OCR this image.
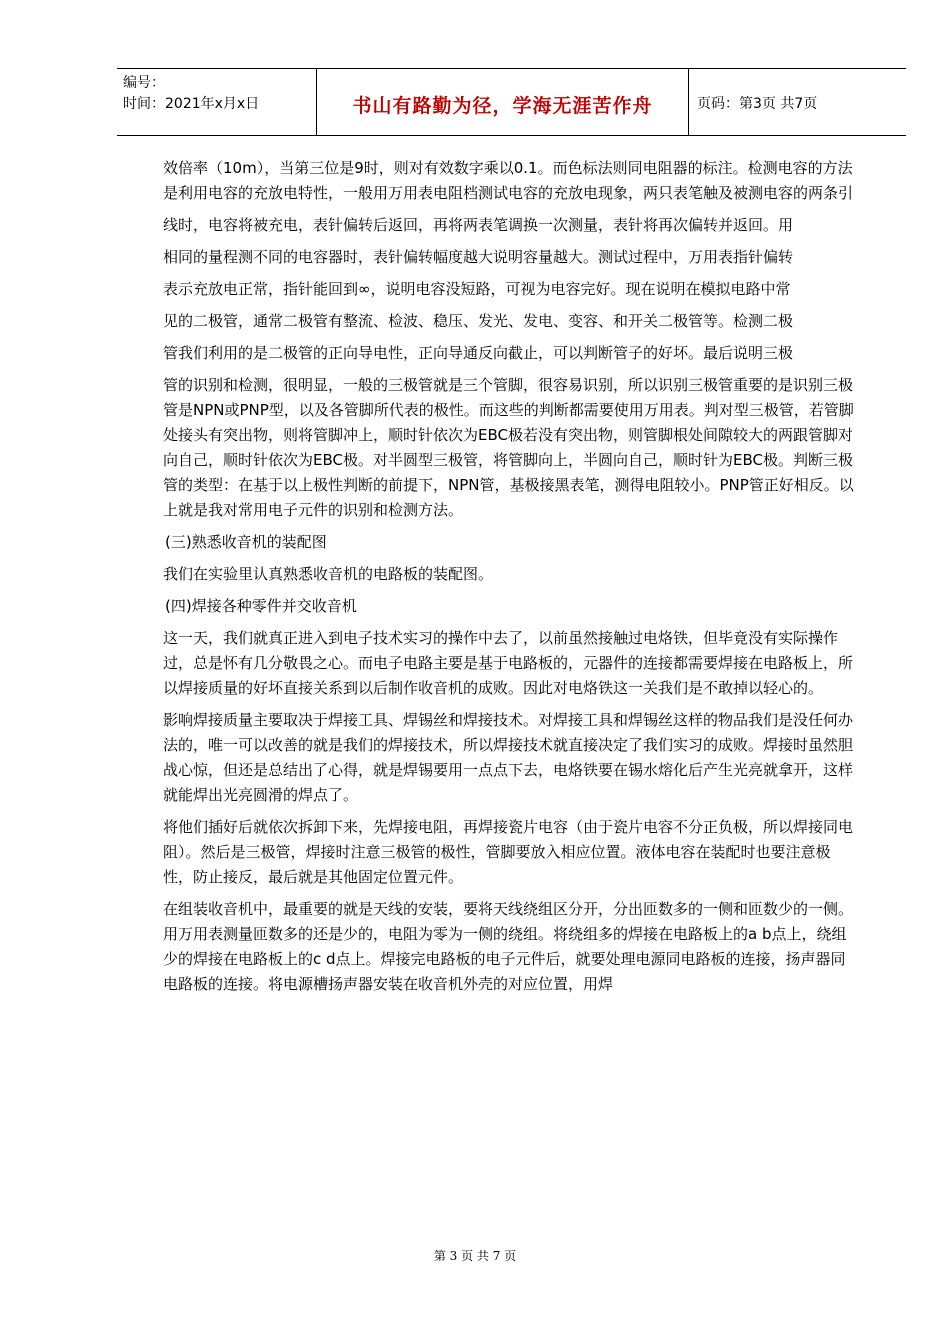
编号：
时间：2021年x月x日	书山有路勤为径，学海无涯苦作舟	页码：第3页 共7页

效倍率（10m），当第三位是9时，则对有效数字乘以0.1。而色标法则同电阻器的标注。检测电容的方法是利用电容的充放电特性，一般用万用表电阻档测试电容的充放电现象，两只表笔触及被测电容的两条引

线时，电容将被充电，表针偏转后返回，再将两表笔调换一次测量，表针将再次偏转并返回。用

相同的量程测不同的电容器时，表针偏转幅度越大说明容量越大。测试过程中，万用表指针偏转

表示充放电正常，指针能回到∞，说明电容没短路，可视为电容完好。现在说明在模拟电路中常

见的二极管，通常二极管有整流、检波、稳压、发光、发电、变容、和开关二极管等。检测二极

管我们利用的是二极管的正向导电性，正向导通反向截止，可以判断管子的好坏。最后说明三极

管的识别和检测，很明显，一般的三极管就是三个管脚，很容易识别，所以识别三极管重要的是识别三极管是NPN或PNP型，以及各管脚所代表的极性。而这些的判断都需要使用万用表。判对型三极管，若管脚处接头有突出物，则将管脚冲上，顺时针依次为EBC极若没有突出物，则管脚根处间隙较大的两跟管脚对向自己，顺时针依次为EBC极。对半圆型三极管，将管脚向上，半圆向自己，顺时针为EBC极。判断三极管的类型：在基于以上极性判断的前提下，NPN管，基极接黑表笔，测得电阻较小。PNP管正好相反。以上就是我对常用电子元件的识别和检测方法。

(三)熟悉收音机的装配图

我们在实验里认真熟悉收音机的电路板的装配图。

(四)焊接各种零件并交收音机

这一天，我们就真正进入到电子技术实习的操作中去了，以前虽然接触过电烙铁，但毕竟没有实际操作过，总是怀有几分敬畏之心。而电子电路主要是基于电路板的，元器件的连接都需要焊接在电路板上，所以焊接质量的好坏直接关系到以后制作收音机的成败。因此对电烙铁这一关我们是不敢掉以轻心的。

影响焊接质量主要取决于焊接工具、焊锡丝和焊接技术。对焊接工具和焊锡丝这样的物品我们是没任何办法的，唯一可以改善的就是我们的焊接技术，所以焊接技术就直接决定了我们实习的成败。焊接时虽然胆战心惊，但还是总结出了心得，就是焊锡要用一点点下去，电烙铁要在锡水熔化后产生光亮就拿开，这样就能焊出光亮圆滑的焊点了。

将他们插好后就依次拆卸下来，先焊接电阻，再焊接瓷片电容（由于瓷片电容不分正负极，所以焊接同电阻）。然后是三极管，焊接时注意三极管的极性，管脚要放入相应位置。液体电容在装配时也要注意极性，防止接反，最后就是其他固定位置元件。

在组装收音机中，最重要的就是天线的安装，要将天线绕组区分开，分出匝数多的一侧和匝数少的一侧。用万用表测量匝数多的还是少的，电阻为零为一侧的绕组。将绕组多的焊接在电路板上的a b点上，绕组少的焊接在电路板上的c d点上。焊接完电路板的电子元件后，就要处理电源同电路板的连接，扬声器同电路板的连接。将电源槽扬声器安装在收音机外壳的对应位置，用焊

第 3 页 共 7 页
